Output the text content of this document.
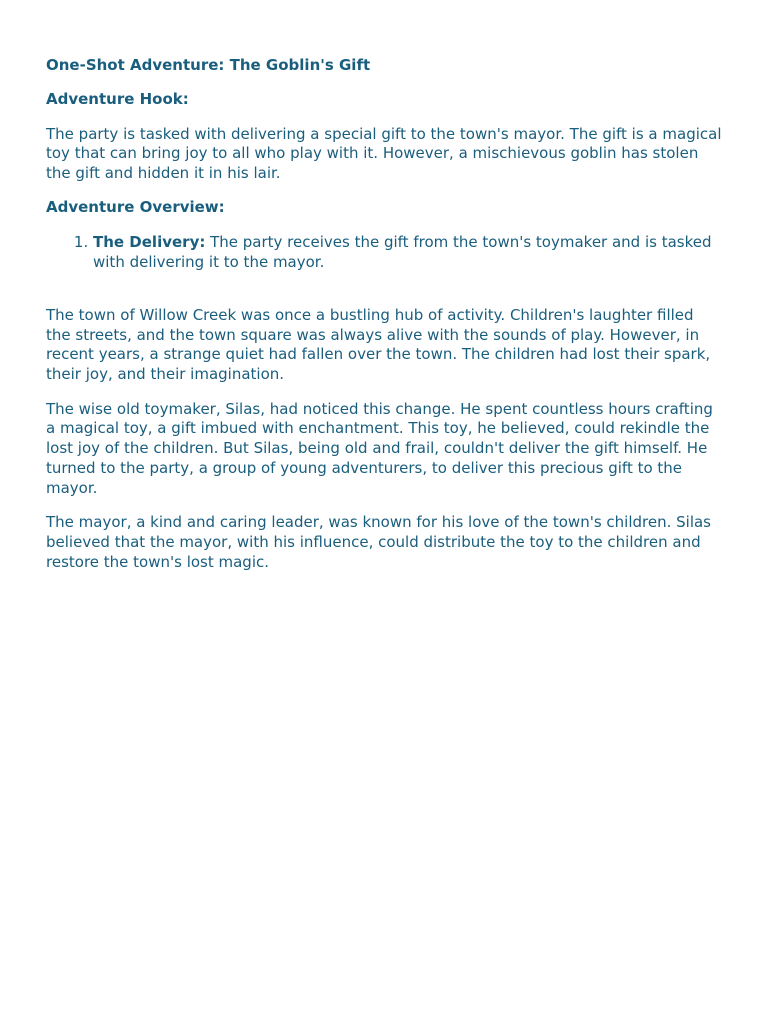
One-Shot Adventure: The Goblin's Gift
Adventure Hook:

The party is tasked with delivering a special gift to the town's mayor. The gift is a magical toy that can bring joy to all who play with it. However, a mischievous goblin has stolen the gift and hidden it in his lair.

Adventure Overview:
1. The Delivery: The party receives the gift from the town's toymaker and is tasked with delivering it to the mayor.

The town of Willow Creek was once a bustling hub of activity. Children's laughter filled the streets, and the town square was always alive with the sounds of play. However, in recent years, a strange quiet had fallen over the town. The children had lost their spark, their joy, and their imagination.

The wise old toymaker, Silas, had noticed this change. He spent countless hours crafting a magical toy, a gift imbued with enchantment. This toy, he believed, could rekindle the lost joy of the children. But Silas, being old and frail, couldn't deliver the gift himself. He turned to the party, a group of young adventurers, to deliver this precious gift to the mayor.

The mayor, a kind and caring leader, was known for his love of the town's children. Silas believed that the mayor, with his influence, could distribute the toy to the children and restore the town's lost magic.
